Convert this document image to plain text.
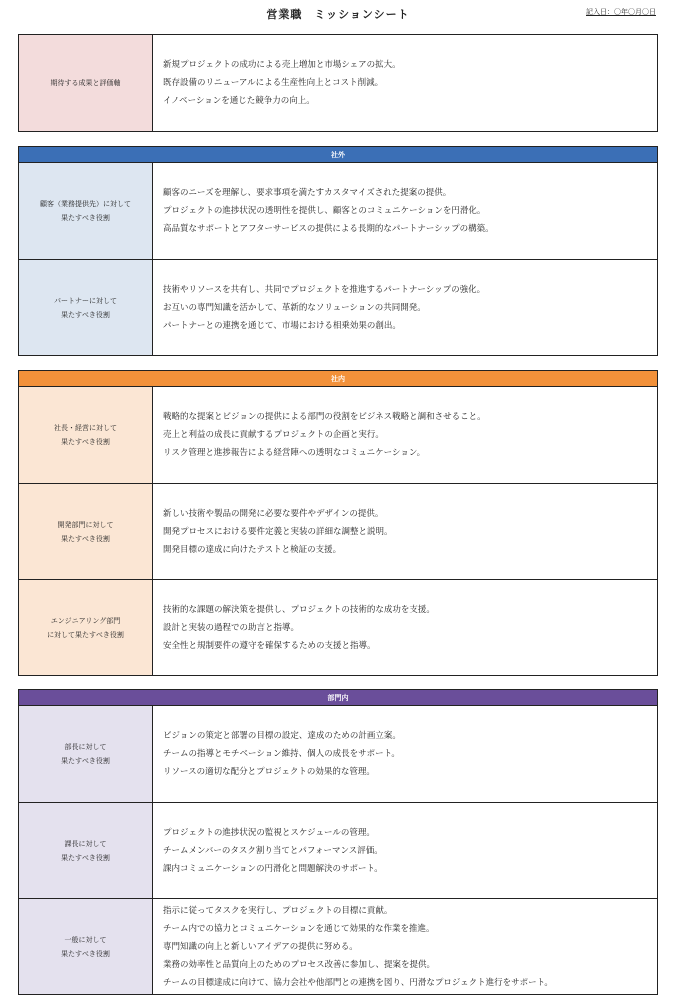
営業職　ミッションシート	記入日：〇年〇月〇日
期待する成果と評価軸
新規プロジェクトの成功による売上増加と市場シェアの拡大。
既存設備のリニューアルによる生産性向上とコスト削減。
イノベーションを通じた競争力の向上。
社外
顧客（業務提供先）に対して
果たすべき役割
顧客のニーズを理解し、要求事項を満たすカスタマイズされた提案の提供。
プロジェクトの進捗状況の透明性を提供し、顧客とのコミュニケーションを円滑化。
高品質なサポートとアフターサービスの提供による長期的なパートナーシップの構築。
パートナーに対して
果たすべき役割
技術やリソースを共有し、共同でプロジェクトを推進するパートナーシップの強化。
お互いの専門知識を活かして、革新的なソリューションの共同開発。
パートナーとの連携を通じて、市場における相乗効果の創出。
社内
社長・経営に対して
果たすべき役割
戦略的な提案とビジョンの提供による部門の役割をビジネス戦略と調和させること。
売上と利益の成長に貢献するプロジェクトの企画と実行。
リスク管理と進捗報告による経営陣への透明なコミュニケーション。
開発部門に対して
果たすべき役割
新しい技術や製品の開発に必要な要件やデザインの提供。
開発プロセスにおける要件定義と実装の詳細な調整と説明。
開発目標の達成に向けたテストと検証の支援。
エンジニアリング部門
に対して果たすべき役割
技術的な課題の解決策を提供し、プロジェクトの技術的な成功を支援。
設計と実装の過程での助言と指導。
安全性と規制要件の遵守を確保するための支援と指導。
部門内
部長に対して
果たすべき役割
ビジョンの策定と部署の目標の設定、達成のための計画立案。
チームの指導とモチベーション維持、個人の成長をサポート。
リソースの適切な配分とプロジェクトの効果的な管理。
課長に対して
果たすべき役割
プロジェクトの進捗状況の監視とスケジュールの管理。
チームメンバーのタスク割り当てとパフォーマンス評価。
課内コミュニケーションの円滑化と問題解決のサポート。
一般に対して
果たすべき役割
指示に従ってタスクを実行し、プロジェクトの目標に貢献。
チーム内での協力とコミュニケーションを通じて効果的な作業を推進。
専門知識の向上と新しいアイデアの提供に努める。
業務の効率性と品質向上のためのプロセス改善に参加し、提案を提供。
チームの目標達成に向けて、協力会社や他部門との連携を図り、円滑なプロジェクト進行をサポート。
